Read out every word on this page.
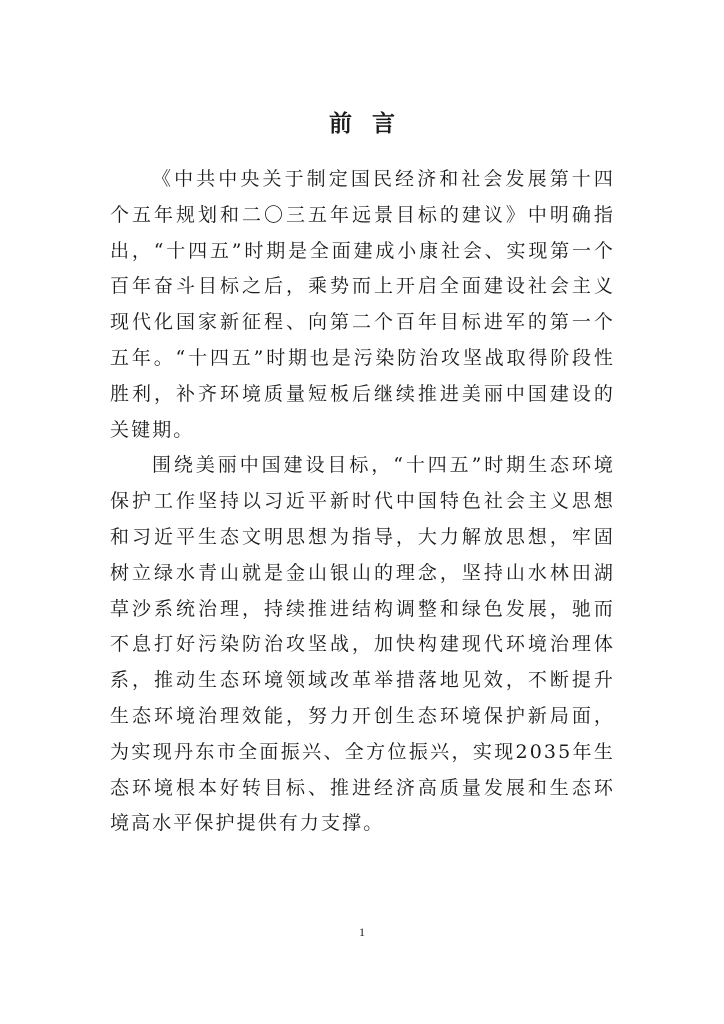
前言

《中共中央关于制定国民经济和社会发展第十四个五年规划和二〇三五年远景目标的建议》中明确指出，“十四五”时期是全面建成小康社会、实现第一个百年奋斗目标之后，乘势而上开启全面建设社会主义现代化国家新征程、向第二个百年目标进军的第一个五年。“十四五”时期也是污染防治攻坚战取得阶段性胜利，补齐环境质量短板后继续推进美丽中国建设的关键期。

围绕美丽中国建设目标，“十四五”时期生态环境保护工作坚持以习近平新时代中国特色社会主义思想和习近平生态文明思想为指导，大力解放思想，牢固树立绿水青山就是金山银山的理念，坚持山水林田湖草沙系统治理，持续推进结构调整和绿色发展，驰而不息打好污染防治攻坚战，加快构建现代环境治理体系，推动生态环境领域改革举措落地见效，不断提升生态环境治理效能，努力开创生态环境保护新局面，为实现丹东市全面振兴、全方位振兴，实现2035年生态环境根本好转目标、推进经济高质量发展和生态环境高水平保护提供有力支撑。

1
